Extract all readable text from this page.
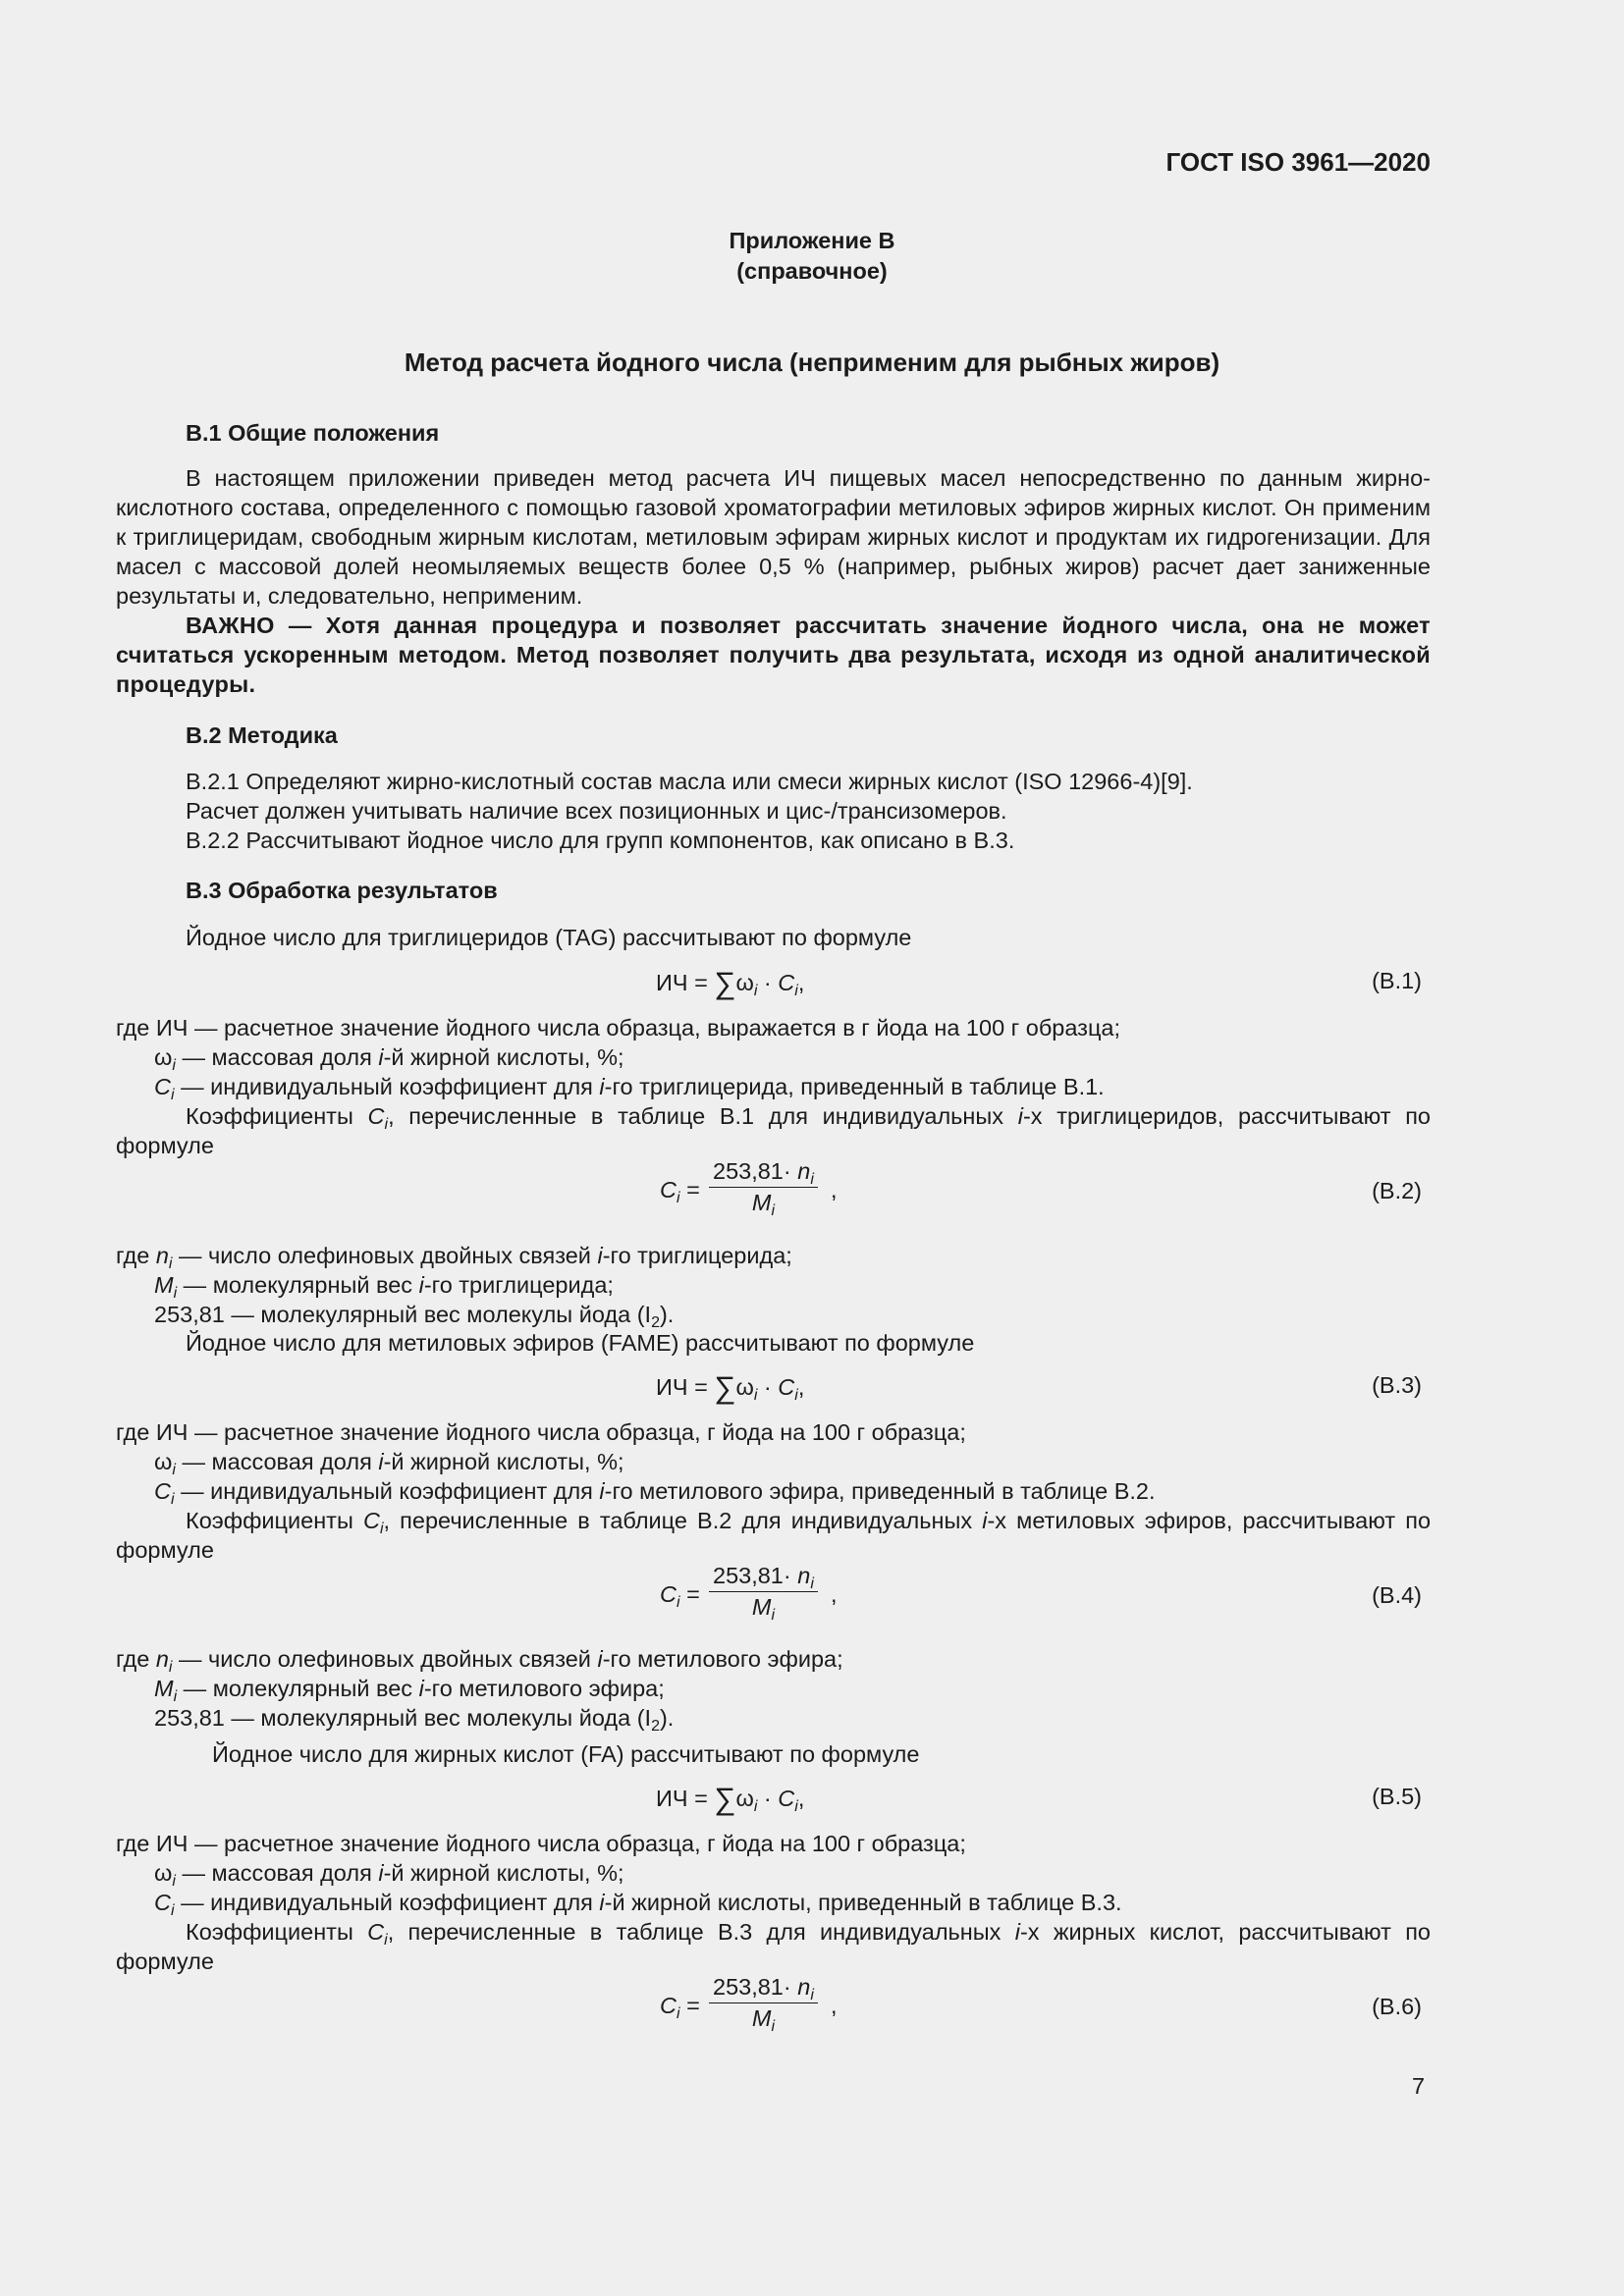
ГОСТ ISO 3961—2020
Приложение В
(справочное)
Метод расчета йодного числа (неприменим для рыбных жиров)
В.1 Общие положения

В настоящем приложении приведен метод расчета ИЧ пищевых масел непосредственно по данным жирно-кислотного состава, определенного с помощью газовой хроматографии метиловых эфиров жирных кислот. Он применим к триглицеридам, свободным жирным кислотам, метиловым эфирам жирных кислот и продуктам их гидрогенизации. Для масел с массовой долей неомыляемых веществ более 0,5 % (например, рыбных жиров) расчет дает заниженные результаты и, следовательно, неприменим.

ВАЖНО — Хотя данная процедура и позволяет рассчитать значение йодного числа, она не может считаться ускоренным методом. Метод позволяет получить два результата, исходя из одной аналитической процедуры.

В.2 Методика
В.2.1 Определяют жирно-кислотный состав масла или смеси жирных кислот (ISO 12966-4)[9].
Расчет должен учитывать наличие всех позиционных и цис-/трансизомеров.
В.2.2 Рассчитывают йодное число для групп компонентов, как описано в В.3.
В.3 Обработка результатов
Йодное число для триглицеридов (TAG) рассчитывают по формуле
ИЧ = $\sum\omega_i \cdot C_i$,	(В.1)
где ИЧ — расчетное значение йодного числа образца, выражается в г йода на 100 г образца;
$\omega_i$ — массовая доля i-й жирной кислоты, %;
$C_i$ — индивидуальный коэффициент для i-го триглицерида, приведенный в таблице В.1.

Коэффициенты $C_i$, перечисленные в таблице В.1 для индивидуальных i-х триглицеридов, рассчитывают по формуле

$C_i = \frac{253,81\cdot n_i}{M_i}$ ,	(В.2)
где $n_i$ — число олефиновых двойных связей i-го триглицерида;
$M_i$ — молекулярный вес i-го триглицерида;
253,81 — молекулярный вес молекулы йода $(I_2)$.
Йодное число для метиловых эфиров (FAME) рассчитывают по формуле
ИЧ = $\sum\omega_i \cdot C_i$,	(В.3)
где ИЧ — расчетное значение йодного числа образца, г йода на 100 г образца;
$\omega_i$ — массовая доля i-й жирной кислоты, %;
$C_i$ — индивидуальный коэффициент для i-го метилового эфира, приведенный в таблице В.2.

Коэффициенты $C_i$, перечисленные в таблице В.2 для индивидуальных i-х метиловых эфиров, рассчитывают по формуле

$C_i = \frac{253,81\cdot n_i}{M_i}$ ,	(В.4)
где $n_i$ — число олефиновых двойных связей i-го метилового эфира;
$M_i$ — молекулярный вес i-го метилового эфира;
253,81 — молекулярный вес молекулы йода $(I_2)$.
Йодное число для жирных кислот (FA) рассчитывают по формуле
ИЧ = $\sum\omega_i \cdot C_i$,	(В.5)
где ИЧ — расчетное значение йодного числа образца, г йода на 100 г образца;
$\omega_i$ — массовая доля i-й жирной кислоты, %;
$C_i$ — индивидуальный коэффициент для i-й жирной кислоты, приведенный в таблице В.3.

Коэффициенты $C_i$, перечисленные в таблице В.3 для индивидуальных i-х жирных кислот, рассчитывают по формуле

$C_i = \frac{253,81\cdot n_i}{M_i}$ ,	(В.6)
7
